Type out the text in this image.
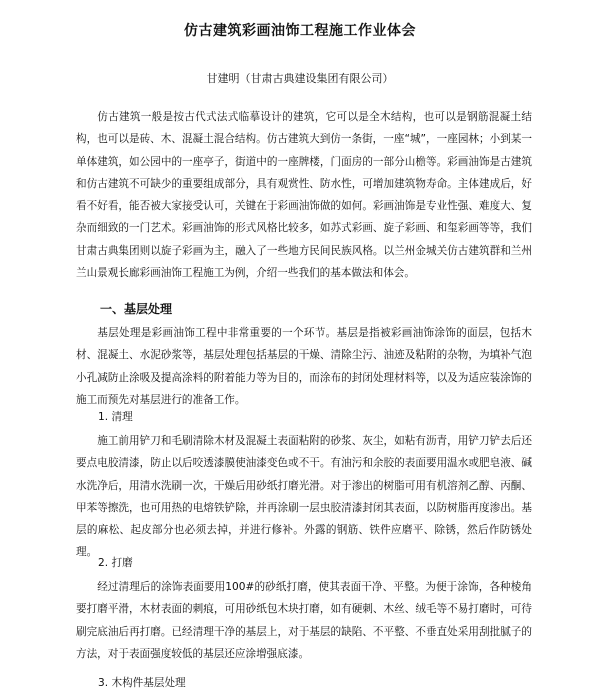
仿古建筑彩画油饰工程施工作业体会
甘建明（甘肃古典建设集团有限公司）

仿古建筑一般是按古代式法式临摹设计的建筑，它可以是全木结构，也可以是钢筋混凝土结构，也可以是砖、木、混凝土混合结构。仿古建筑大到仿一条街，一座“城”，一座园林；小到某一单体建筑，如公园中的一座亭子，街道中的一座牌楼，门面房的一部分山檐等。彩画油饰是古建筑和仿古建筑不可缺少的重要组成部分，具有观赏性、防水性，可增加建筑物寿命。主体建成后，好看不好看，能否被大家接受认可，关键在于彩画油饰做的如何。彩画油饰是专业性强、难度大、复杂而细致的一门艺术。彩画油饰的形式风格比较多，如苏式彩画、旋子彩画、和玺彩画等等，我们甘肃古典集团则以旋子彩画为主，融入了一些地方民间民族风格。以兰州金城关仿古建筑群和兰州兰山景观长廊彩画油饰工程施工为例，介绍一些我们的基本做法和体会。

一、基层处理

基层处理是彩画油饰工程中非常重要的一个环节。基层是指被彩画油饰涂饰的面层，包括木材、混凝土、水泥砂浆等，基层处理包括基层的干燥、清除尘污、油迹及粘附的杂物，为填补气泡小孔减防止涂吸及提高涂料的附着能力等为目的，而涂布的封闭处理材料等，以及为适应装涂饰的施工而预先对基层进行的准备工作。

1. 清理

施工前用铲刀和毛刷清除木材及混凝土表面粘附的砂浆、灰尘，如粘有沥青，用铲刀铲去后还要点电胶清漆，防止以后咬透漆膜使油漆变色或不干。有油污和余胶的表面要用温水或肥皂液、碱水洗净后，用清水洗刷一次，干燥后用砂纸打磨光滑。对于渗出的树脂可用有机溶剂乙醇、丙酮、甲苯等擦洗，也可用热的电熔铁铲除，并再涂刷一层虫胶清漆封闭其表面，以防树脂再度渗出。基层的麻松、起皮部分也必须去掉，并进行修补。外露的钢筋、铁件应磨平、除锈，然后作防锈处理。

2. 打磨

经过清理后的涂饰表面要用100#的砂纸打磨，使其表面干净、平整。为便于涂饰，各种棱角要打磨平滑，木材表面的刺痕，可用砂纸包木块打磨，如有硬刺、木丝、绒毛等不易打磨时，可待刷完底油后再打磨。已经清理干净的基层上，对于基层的缺陷、不平整、不垂直处采用刮批腻子的方法，对于表面强度较低的基层还应涂增强底漆。

3. 木构件基层处理
